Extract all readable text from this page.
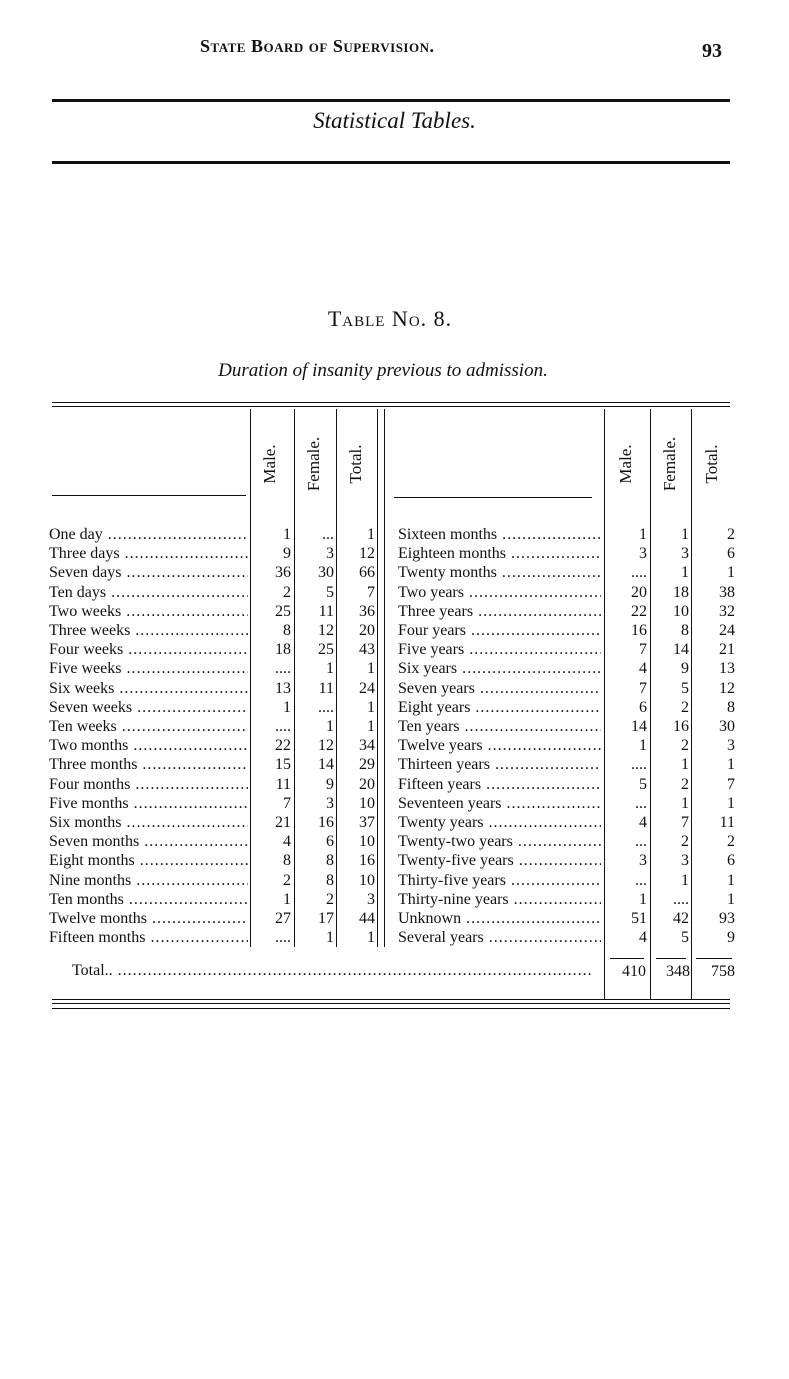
State Board of Supervision.	93
Statistical Tables.
Table No. 8.
Duration of insanity previous to admission.
Male. Female. Total.	Male. Female. Total.
One day .....	1	...	1
Three days .....	9	3	12
Seven days .....	36	30	66
Ten days .....	2	5	7
Two weeks .....	25	11	36
Three weeks .....	8	12	20
Four weeks .....	18	25	43
Five weeks .....	....	1	1
Six weeks .....	13	11	24
Seven weeks .....	1	....	1
Ten weeks .....	....	1	1
Two months .....	22	12	34
Three months .....	15	14	29
Four months .....	11	9	20
Five months .....	7	3	10
Six months .....	21	16	37
Seven months .....	4	6	10
Eight months .....	8	8	16
Nine months .....	2	8	10
Ten months .....	1	2	3
Twelve months .....	27	17	44
Fifteen months .....	....	1	1
Sixteen months .....	1	1	2
Eighteen months .....	3	3	6
Twenty months .....	....	1	1
Two years .....	20	18	38
Three years .....	22	10	32
Four years .....	16	8	24
Five years .....	7	14	21
Six years .....	4	9	13
Seven years .....	7	5	12
Eight years .....	6	2	8
Ten years .....	14	16	30
Twelve years .....	1	2	3
Thirteen years .....	....	1	1
Fifteen years .....	5	2	7
Seventeen years .....	...	1	1
Twenty years .....	4	7	11
Twenty-two years .....	...	2	2
Twenty-five years .....	3	3	6
Thirty-five years .....	...	1	1
Thirty-nine years .....	1	....	1
Unknown .....	51	42	93
Several years .....	4	5	9
Total.. .....	410	348	758
